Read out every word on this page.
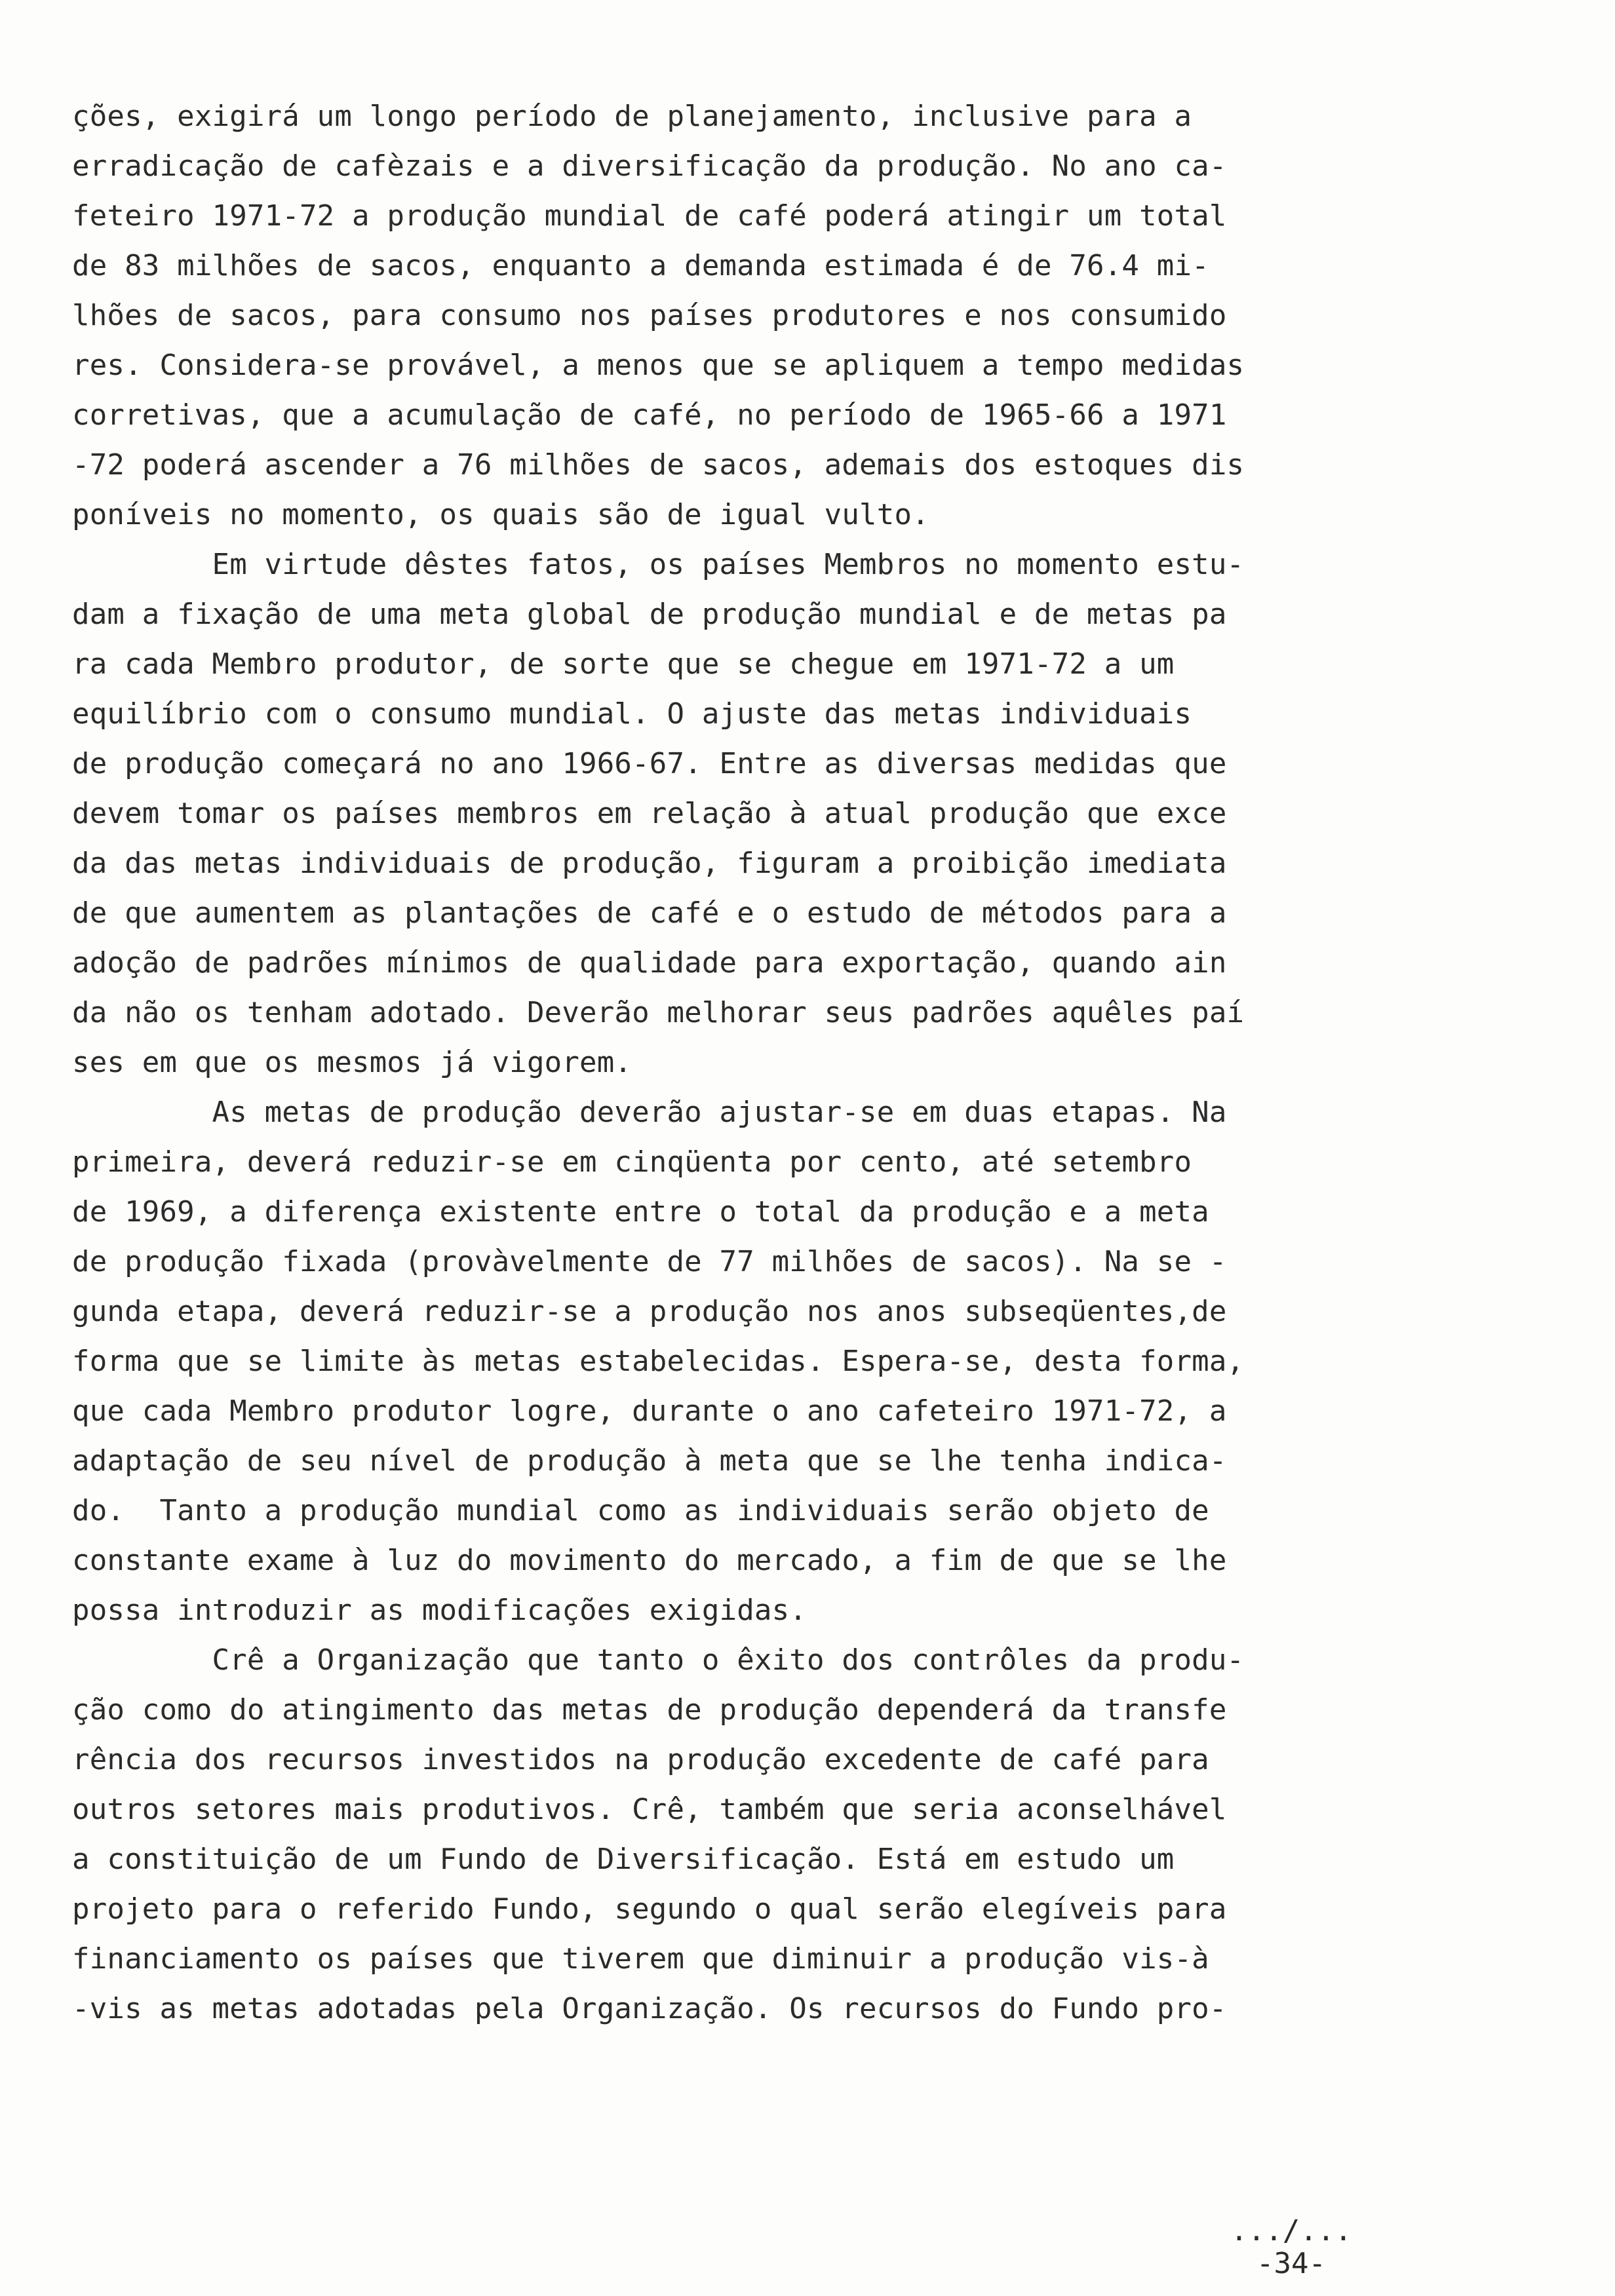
ções, exigirá um longo período de planejamento, inclusive para a
erradicação de cafèzais e a diversificação da produção. No ano ca-
feteiro 1971-72 a produção mundial de café poderá atingir um total
de 83 milhões de sacos, enquanto a demanda estimada é de 76.4 mi-
lhões de sacos, para consumo nos países produtores e nos consumido
res. Considera-se provável, a menos que se apliquem a tempo medidas
corretivas, que a acumulação de café, no período de 1965-66 a 1971
-72 poderá ascender a 76 milhões de sacos, ademais dos estoques dis
poníveis no momento, os quais são de igual vulto.
Em virtude dêstes fatos, os países Membros no momento estu-
dam a fixação de uma meta global de produção mundial e de metas pa
ra cada Membro produtor, de sorte que se chegue em 1971-72 a um
equilíbrio com o consumo mundial. O ajuste das metas individuais
de produção começará no ano 1966-67. Entre as diversas medidas que
devem tomar os países membros em relação à atual produção que exce
da das metas individuais de produção, figuram a proibição imediata
de que aumentem as plantações de café e o estudo de métodos para a
adoção de padrões mínimos de qualidade para exportação, quando ain
da não os tenham adotado. Deverão melhorar seus padrões aquêles paí
ses em que os mesmos já vigorem.
As metas de produção deverão ajustar-se em duas etapas. Na
primeira, deverá reduzir-se em cinqüenta por cento, até setembro
de 1969, a diferença existente entre o total da produção e a meta
de produção fixada (provàvelmente de 77 milhões de sacos). Na se -
gunda etapa, deverá reduzir-se a produção nos anos subseqüentes,de
forma que se limite às metas estabelecidas. Espera-se, desta forma,
que cada Membro produtor logre, durante o ano cafeteiro 1971-72, a
adaptação de seu nível de produção à meta que se lhe tenha indica-
do.  Tanto a produção mundial como as individuais serão objeto de
constante exame à luz do movimento do mercado, a fim de que se lhe
possa introduzir as modificações exigidas.
Crê a Organização que tanto o êxito dos contrôles da produ-
ção como do atingimento das metas de produção dependerá da transfe
rência dos recursos investidos na produção excedente de café para
outros setores mais produtivos. Crê, também que seria aconselhável
a constituição de um Fundo de Diversificação. Está em estudo um
projeto para o referido Fundo, segundo o qual serão elegíveis para
financiamento os países que tiverem que diminuir a produção vis-à
-vis as metas adotadas pela Organização. Os recursos do Fundo pro-
.../...
-34-
